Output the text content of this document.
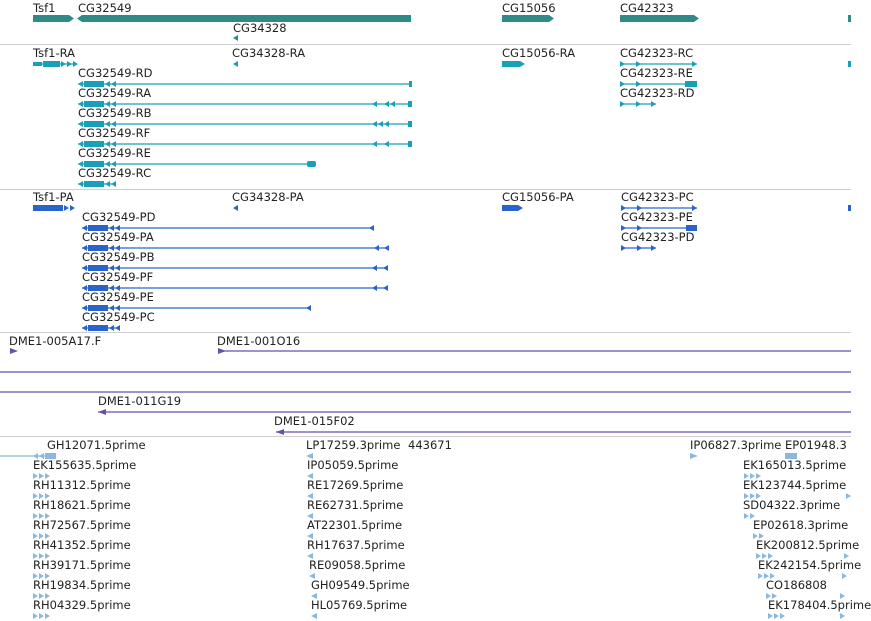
Tsf1 CG32549
CG34328
CG15056	CG42323
Tsf1-RA	CG34328-RA	CG15056-RA	CG42323-RC
CG32549-RD	CG42323-RE
CG32549-RA	CG42323-RD
CG32549-RB
CG32549-RF
CG32549-RE
CG32549-RC
Tsf1-PA	CG34328-PA	CG15056-PA	CG42323-PC
CG32549-PD	CG42323-PE
CG32549-PA	CG42323-PD
CG32549-PB
CG32549-PF
CG32549-PE
CG32549-PC
DME1-005A17.F	DME1-001O16
DME1-011G19
DME1-015F02
GH12071.5prime	LP17259.3prime 443671	IP06827.3prime EP01948.3
EK155635.5prime	IP05059.5prime	EK165013.5prime
RH11312.5prime	RE17269.5prime	EK123744.5prime
RH18621.5prime	RE62731.5prime	SD04322.3prime
RH72567.5prime	AT22301.5prime	EP02618.3prime
RH41352.5prime	RH17637.5prime	EK200812.5prime
RH39171.5prime	RE09058.5prime	EK242154.5prime
RH19834.5prime	GH09549.5prime	CO186808
RH04329.5prime	HL05769.5prime	EK178404.5prime
